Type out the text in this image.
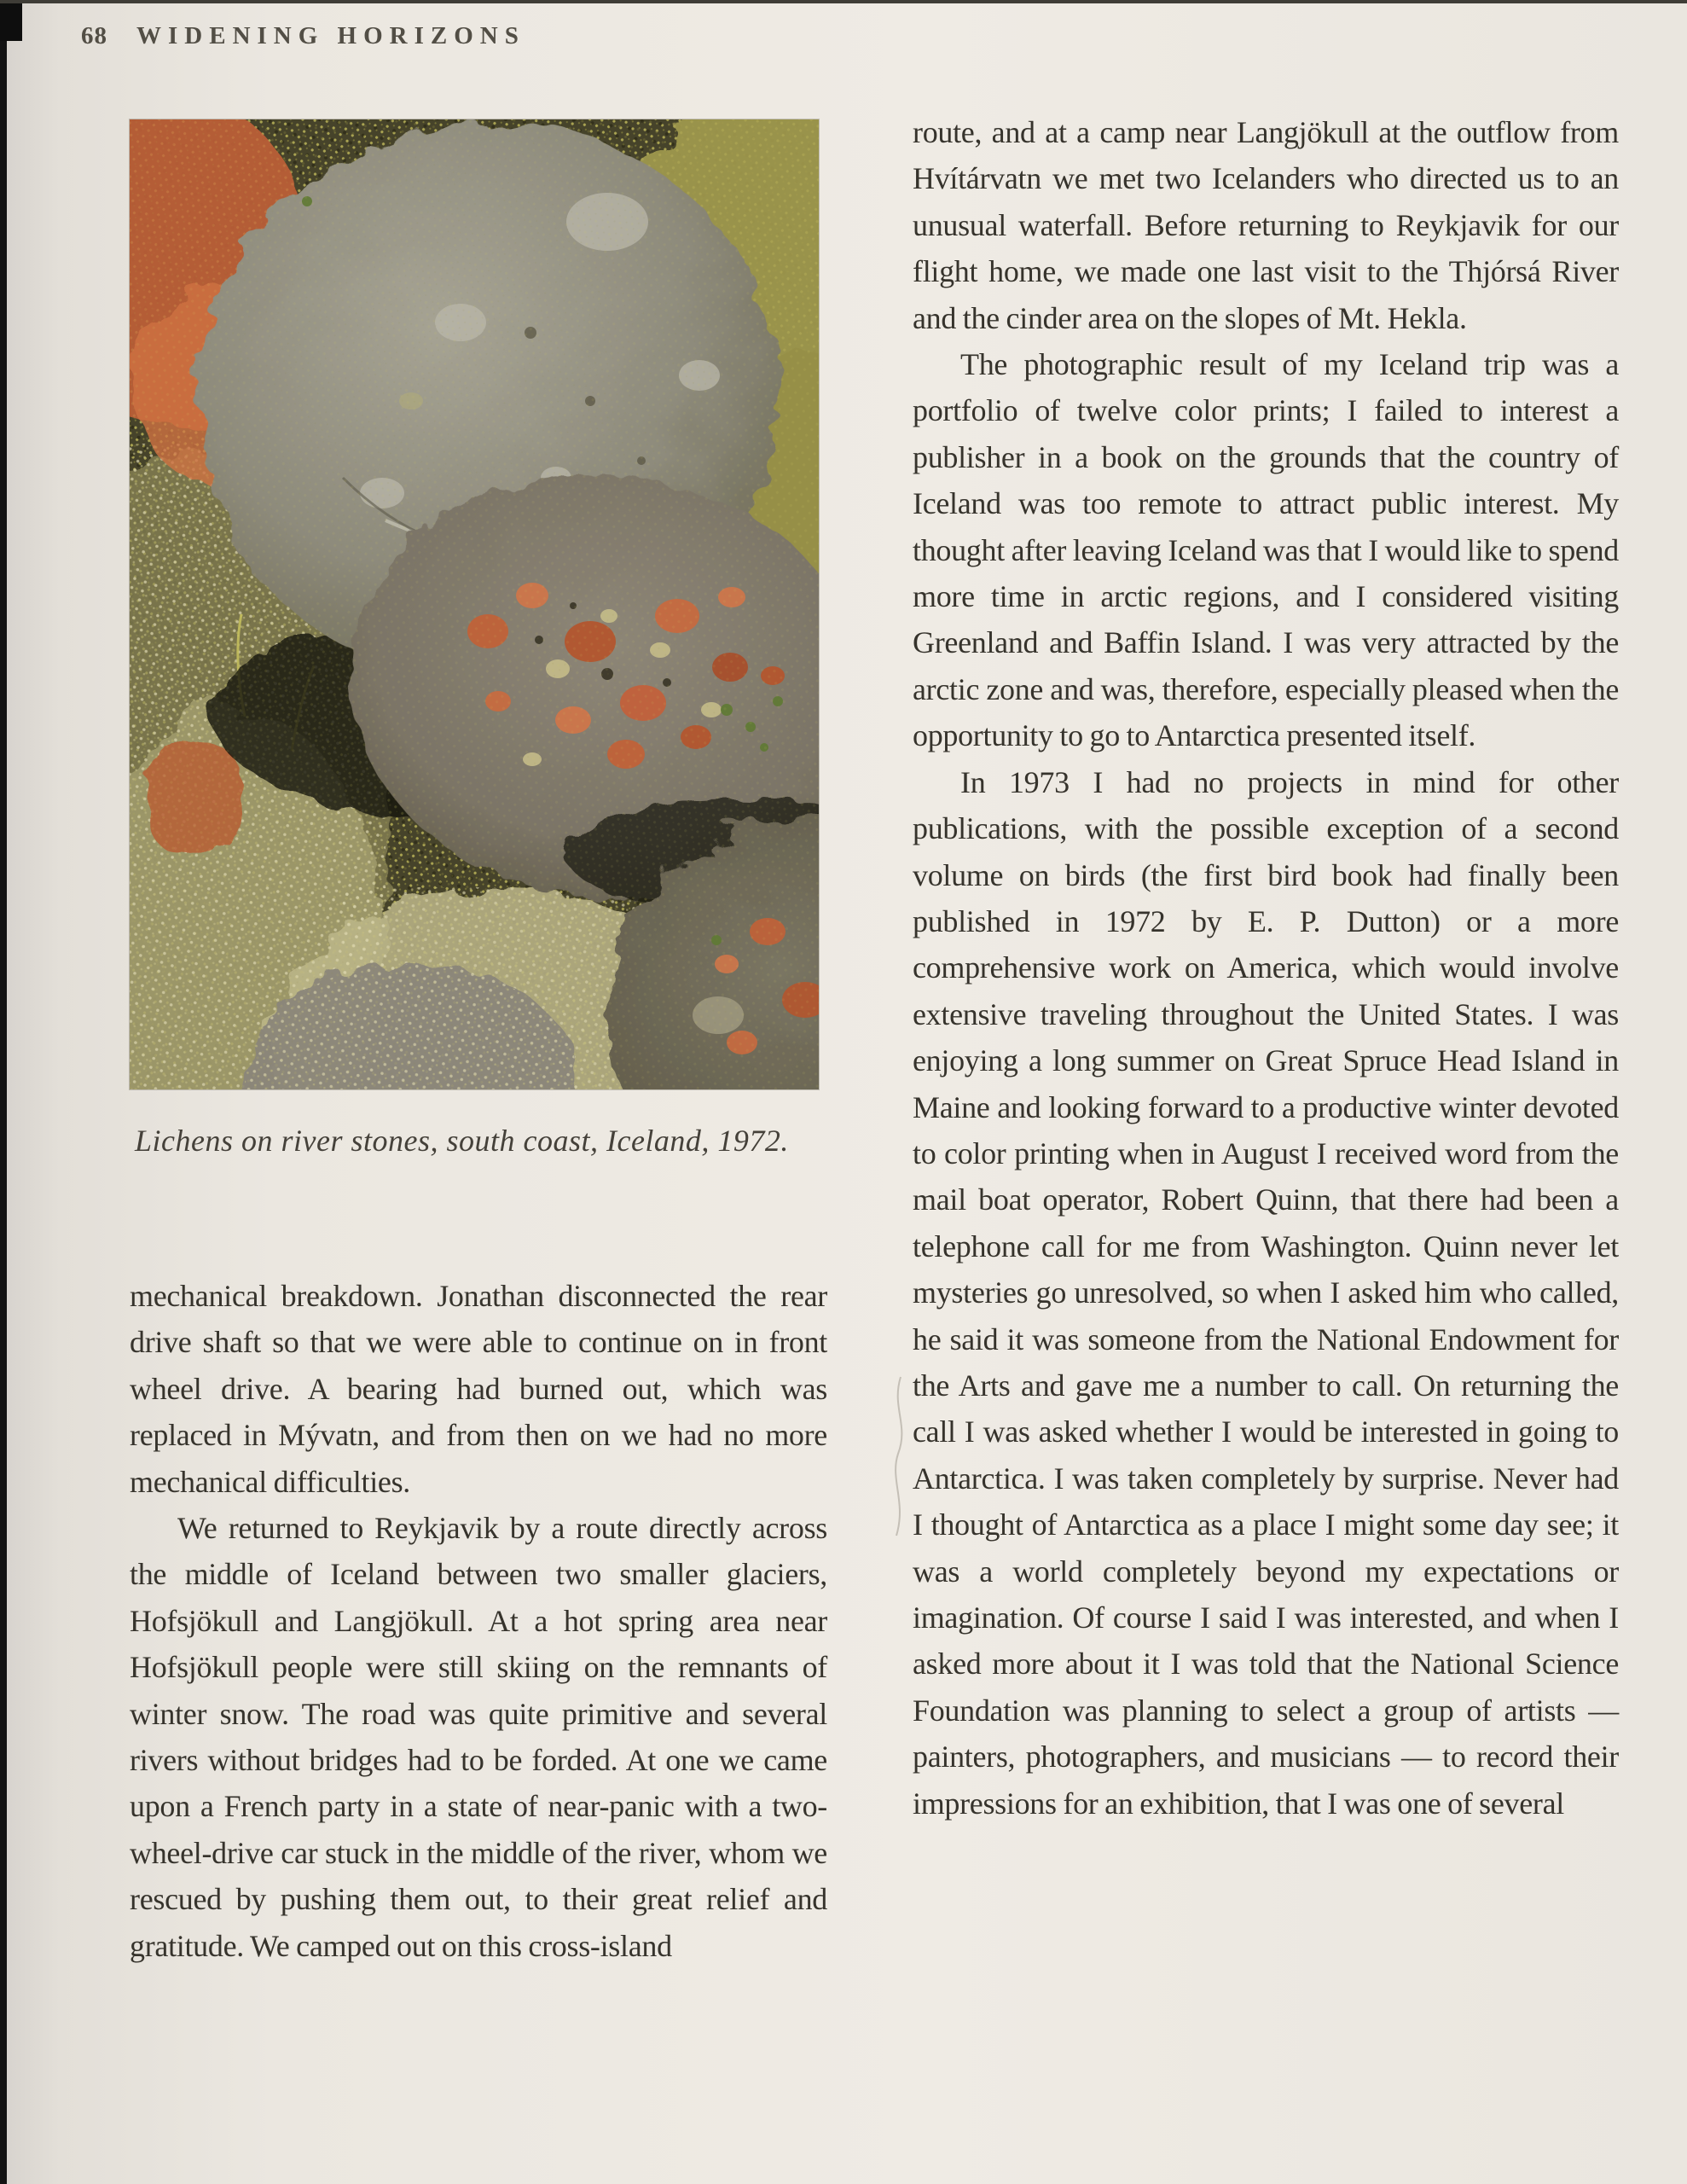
68 WIDENING HORIZONS
Lichens on river stones, south coast, Iceland, 1972.

mechanical breakdown. Jonathan disconnected the rear drive shaft so that we were able to continue on in front wheel drive. A bearing had burned out, which was replaced in Mývatn, and from then on we had no more mechanical difficulties.

We returned to Reykjavik by a route directly across the middle of Iceland between two smaller glaciers, Hofsjökull and Langjökull. At a hot spring area near Hofsjökull people were still skiing on the remnants of winter snow. The road was quite primitive and several rivers without bridges had to be forded. At one we came upon a French party in a state of near-panic with a two-wheel-drive car stuck in the middle of the river, whom we rescued by pushing them out, to their great relief and gratitude. We camped out on this cross-island

route, and at a camp near Langjökull at the outflow from Hvítárvatn we met two Icelanders who directed us to an unusual waterfall. Before returning to Reykjavik for our flight home, we made one last visit to the Thjórsá River and the cinder area on the slopes of Mt. Hekla.

The photographic result of my Iceland trip was a portfolio of twelve color prints; I failed to interest a publisher in a book on the grounds that the country of Iceland was too remote to attract public interest. My thought after leaving Iceland was that I would like to spend more time in arctic regions, and I considered visiting Greenland and Baffin Island. I was very attracted by the arctic zone and was, therefore, especially pleased when the opportunity to go to Antarctica presented itself.

In 1973 I had no projects in mind for other publications, with the possible exception of a second volume on birds (the first bird book had finally been published in 1972 by E. P. Dutton) or a more comprehensive work on America, which would involve extensive traveling throughout the United States. I was enjoying a long summer on Great Spruce Head Island in Maine and looking forward to a productive winter devoted to color printing when in August I received word from the mail boat operator, Robert Quinn, that there had been a telephone call for me from Washington. Quinn never let mysteries go unresolved, so when I asked him who called, he said it was someone from the National Endowment for the Arts and gave me a number to call. On returning the call I was asked whether I would be interested in going to Antarctica. I was taken completely by surprise. Never had I thought of Antarctica as a place I might some day see; it was a world completely beyond my expectations or imagination. Of course I said I was interested, and when I asked more about it I was told that the National Science Foundation was planning to select a group of artists — painters, photographers, and musicians — to record their impressions for an exhibition, that I was one of several
